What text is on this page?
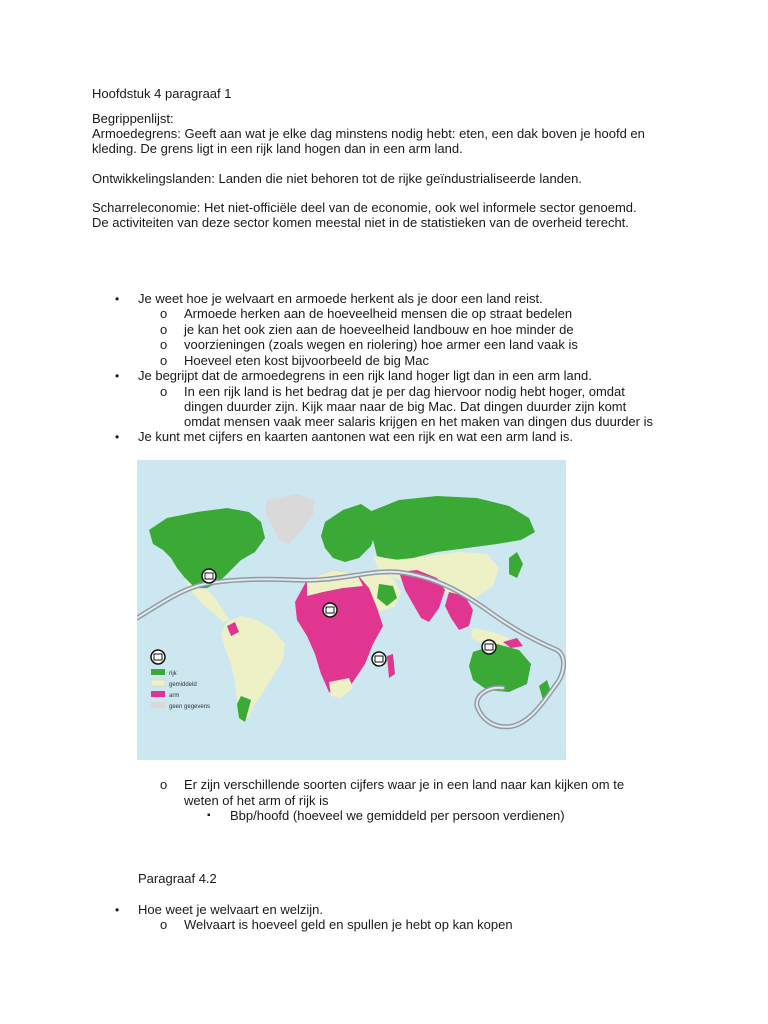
Hoofdstuk 4 paragraaf 1
Begrippenlijst:
Armoedegrens: Geeft aan wat je elke dag minstens nodig hebt: eten, een dak boven je hoofd en
kleding. De grens ligt in een rijk land hogen dan in een arm land.
Ontwikkelingslanden: Landen die niet behoren tot de rijke geïndustrialiseerde landen.
Scharreleconomie: Het niet-officiële deel van de economie, ook wel informele sector genoemd.
De activiteiten van deze sector komen meestal niet in de statistieken van de overheid terecht.
• Je weet hoe je welvaart en armoede herkent als je door een land reist.
o Armoede herken aan de hoeveelheid mensen die op straat bedelen
o je kan het ook zien aan de hoeveelheid landbouw en hoe minder de
o voorzieningen (zoals wegen en riolering) hoe armer een land vaak is
o Hoeveel eten kost bijvoorbeeld de big Mac
• Je begrijpt dat de armoedegrens in een rijk land hoger ligt dan in een arm land.
o In een rijk land is het bedrag dat je per dag hiervoor nodig hebt hoger, omdat
dingen duurder zijn. Kijk maar naar de big Mac. Dat dingen duurder zijn komt
omdat mensen vaak meer salaris krijgen en het maken van dingen dus duurder is
• Je kunt met cijfers en kaarten aantonen wat een rijk en wat een arm land is.
rijk
gemiddeld
arm
geen gegevens
o Er zijn verschillende soorten cijfers waar je in een land naar kan kijken om te
weten of het arm of rijk is
▪ Bbp/hoofd (hoeveel we gemiddeld per persoon verdienen)
Paragraaf 4.2
• Hoe weet je welvaart en welzijn.
o Welvaart is hoeveel geld en spullen je hebt op kan kopen
